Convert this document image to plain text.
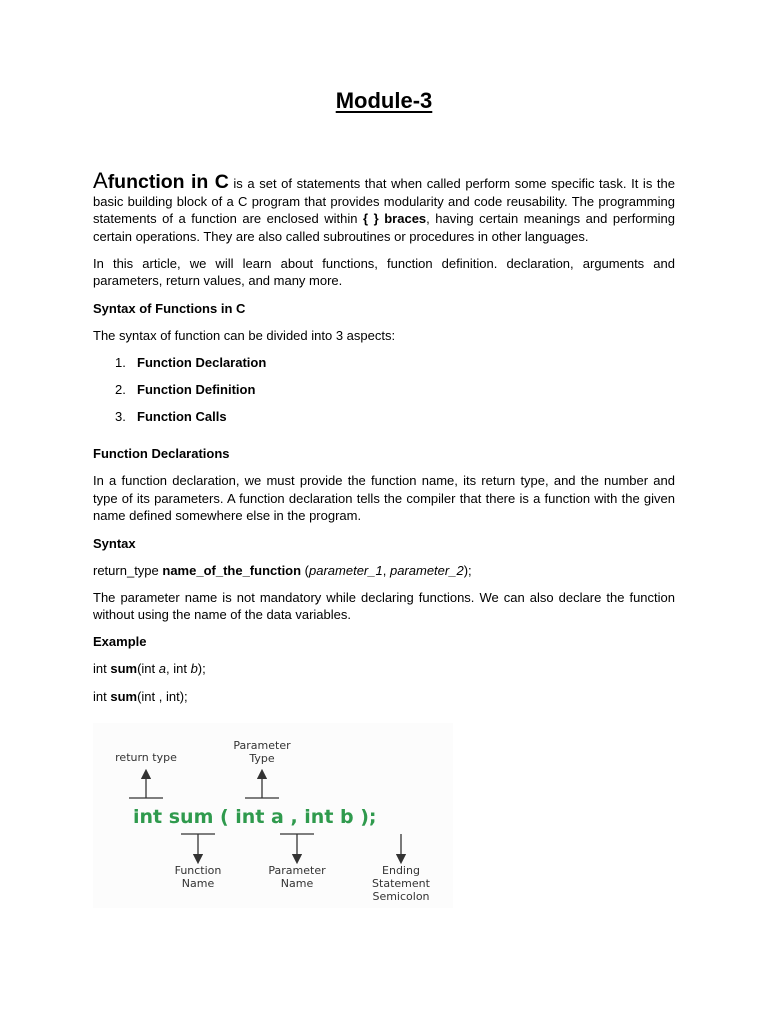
Module-3

Afunction in C is a set of statements that when called perform some specific task. It is the basic building block of a C program that provides modularity and code reusability. The programming statements of a function are enclosed within { } braces, having certain meanings and performing certain operations. They are also called subroutines or procedures in other languages.

In this article, we will learn about functions, function definition. declaration, arguments and parameters, return values, and many more.

Syntax of Functions in C

The syntax of function can be divided into 3 aspects:

1. Function Declaration
2. Function Definition
3. Function Calls

Function Declarations

In a function declaration, we must provide the function name, its return type, and the number and type of its parameters. A function declaration tells the compiler that there is a function with the given name defined somewhere else in the program.

Syntax

return_type name_of_the_function (parameter_1, parameter_2);

The parameter name is not mandatory while declaring functions. We can also declare the function without using the name of the data variables.

Example

int sum(int a, int b);

int sum(int , int);

return type
Parameter
Type
int sum ( int a , int b );
Function
Name
Parameter
Name
Ending
Statement
Semicolon
